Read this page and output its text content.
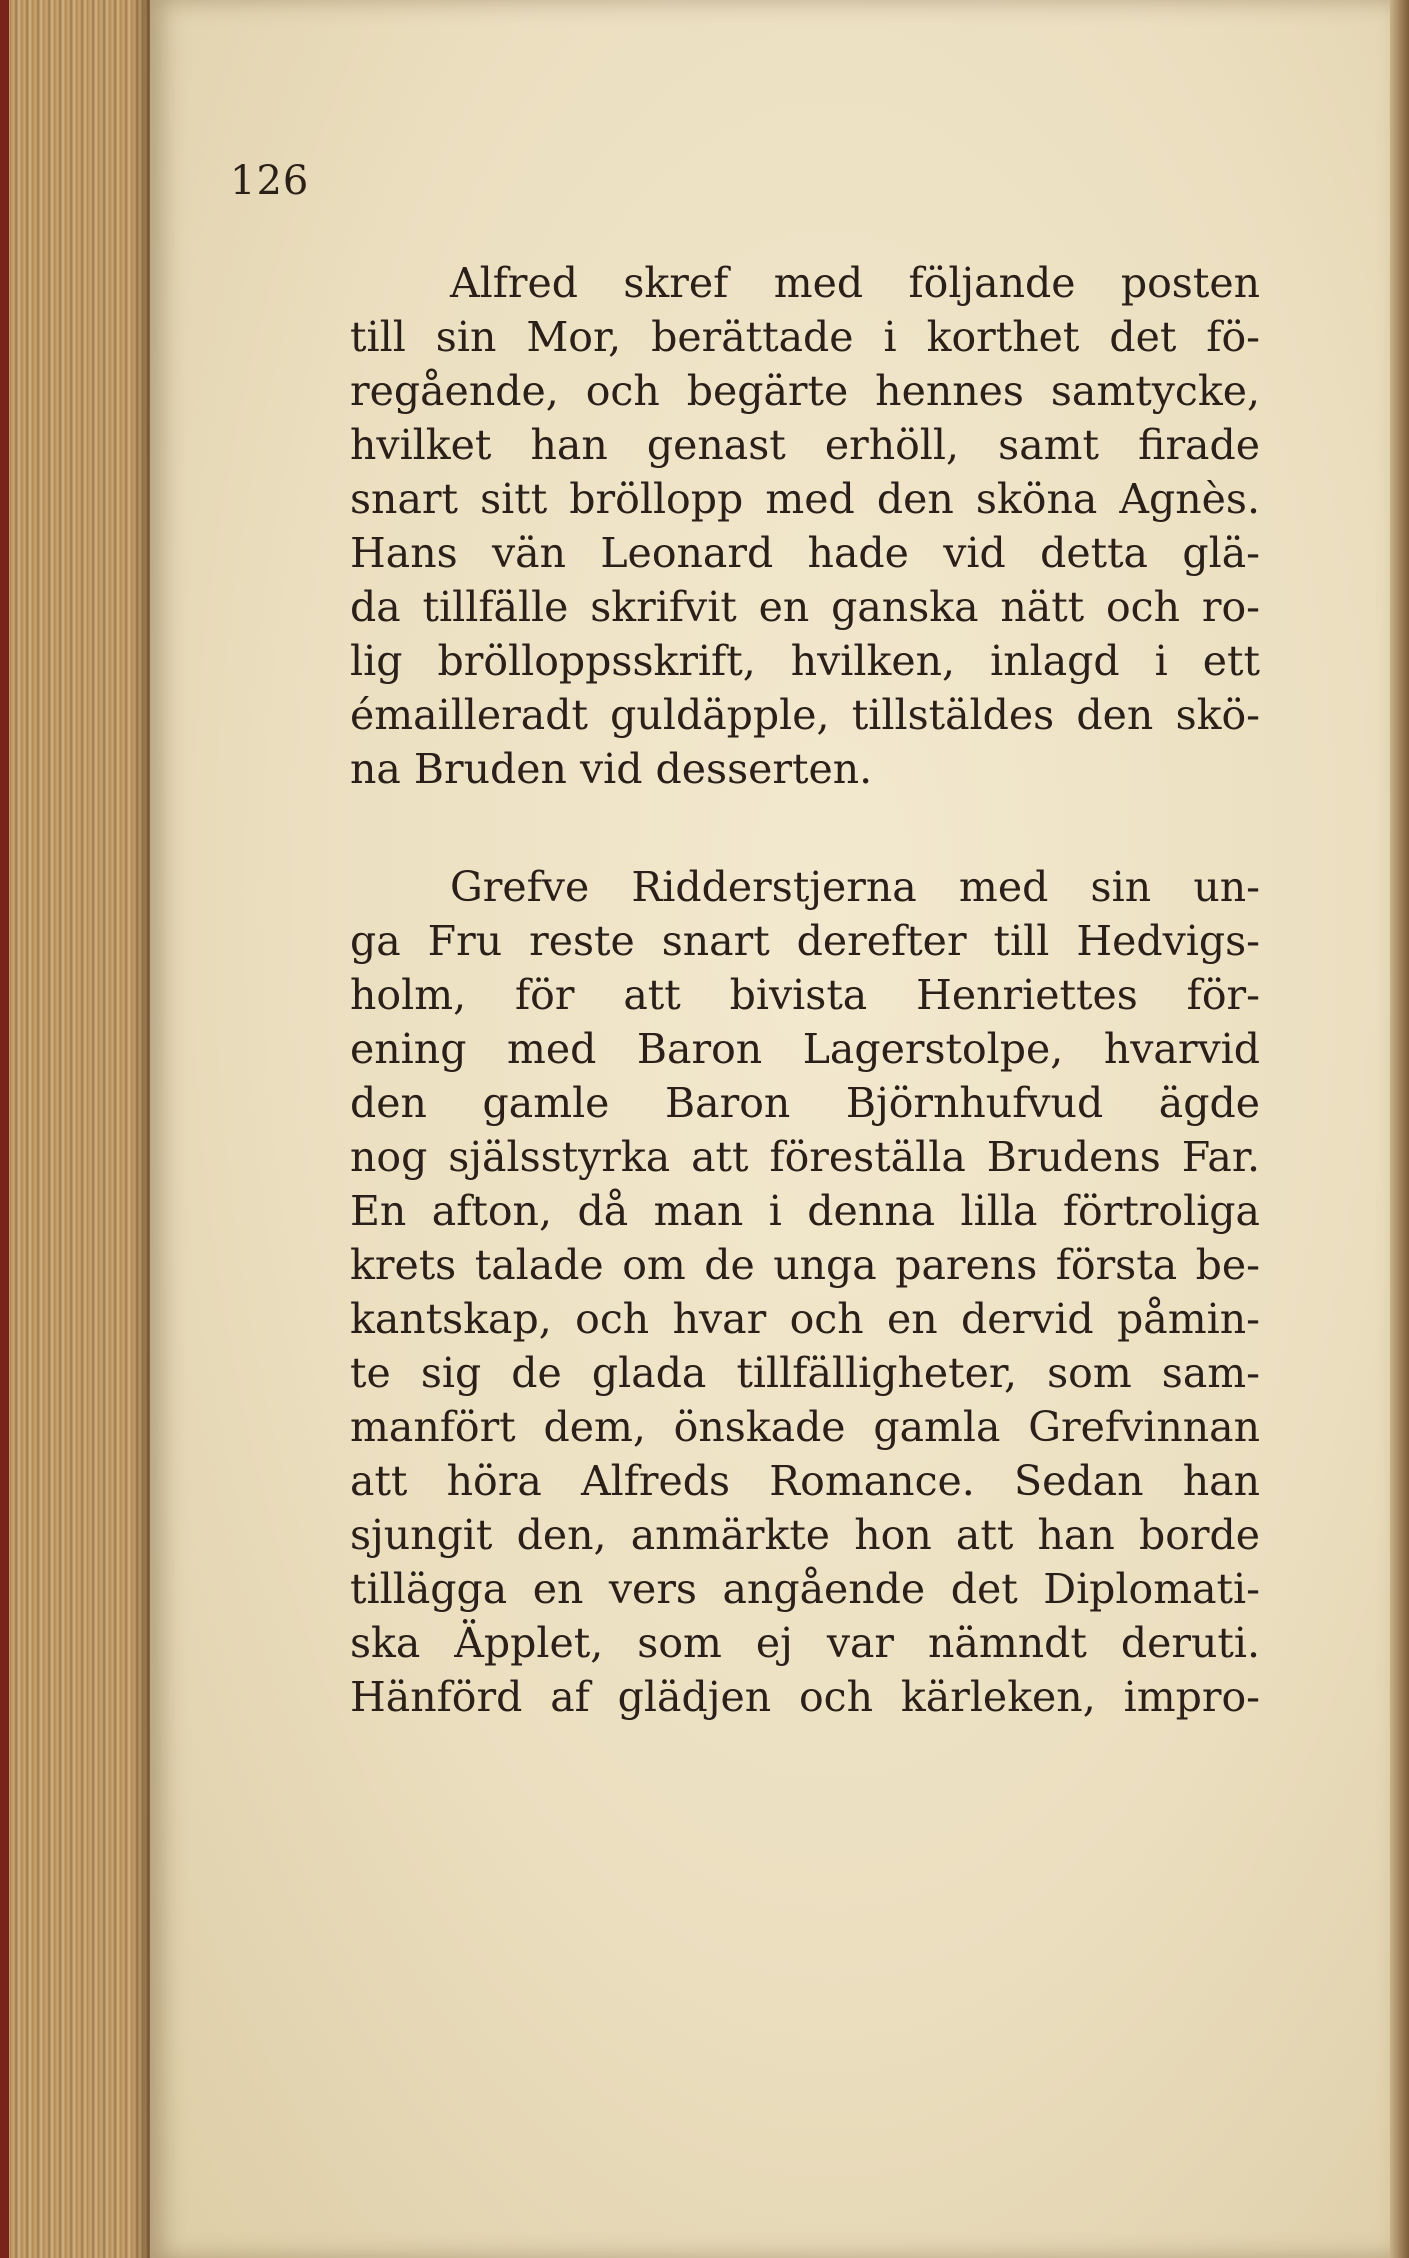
126
Alfred skref med följande posten
till sin Mor, berättade i korthet det fö-
regående, och begärte hennes samtycke,
hvilket han genast erhöll, samt firade
snart sitt bröllopp med den sköna Agnès.
Hans vän Leonard hade vid detta glä-
da tillfälle skrifvit en ganska nätt och ro-
lig brölloppsskrift, hvilken, inlagd i ett
émailleradt guldäpple, tillstäldes den skö-
na Bruden vid desserten.
Grefve Ridderstjerna med sin un-
ga Fru reste snart derefter till Hedvigs-
holm, för att bivista Henriettes för-
ening med Baron Lagerstolpe, hvarvid
den gamle Baron Björnhufvud ägde
nog själsstyrka att föreställa Brudens Far.
En afton, då man i denna lilla förtroliga
krets talade om de unga parens första be-
kantskap, och hvar och en dervid påmin-
te sig de glada tillfälligheter, som sam-
manfört dem, önskade gamla Grefvinnan
att höra Alfreds Romance. Sedan han
sjungit den, anmärkte hon att han borde
tillägga en vers angående det Diplomati-
ska Äpplet, som ej var nämndt deruti.
Hänförd af glädjen och kärleken, impro-
